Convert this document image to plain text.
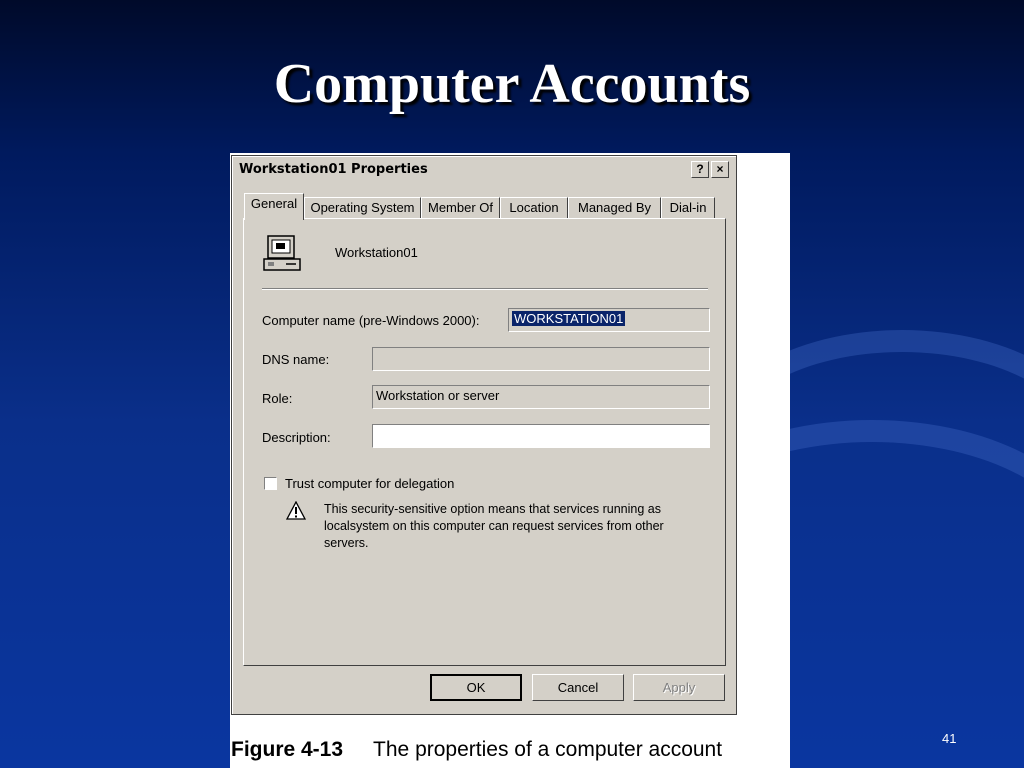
Computer Accounts
Workstation01 Properties	?	×
General	Operating System	Member Of	Location	Managed By	Dial-in
Workstation01
Computer name (pre-Windows 2000):	WORKSTATION01
DNS name:
Role:	Workstation or server
Description:
Trust computer for delegation
This security-sensitive option means that services running as localsystem on this computer can request services from other servers.
OK	Cancel	Apply
Figure 4-13 The properties of a computer account	41
